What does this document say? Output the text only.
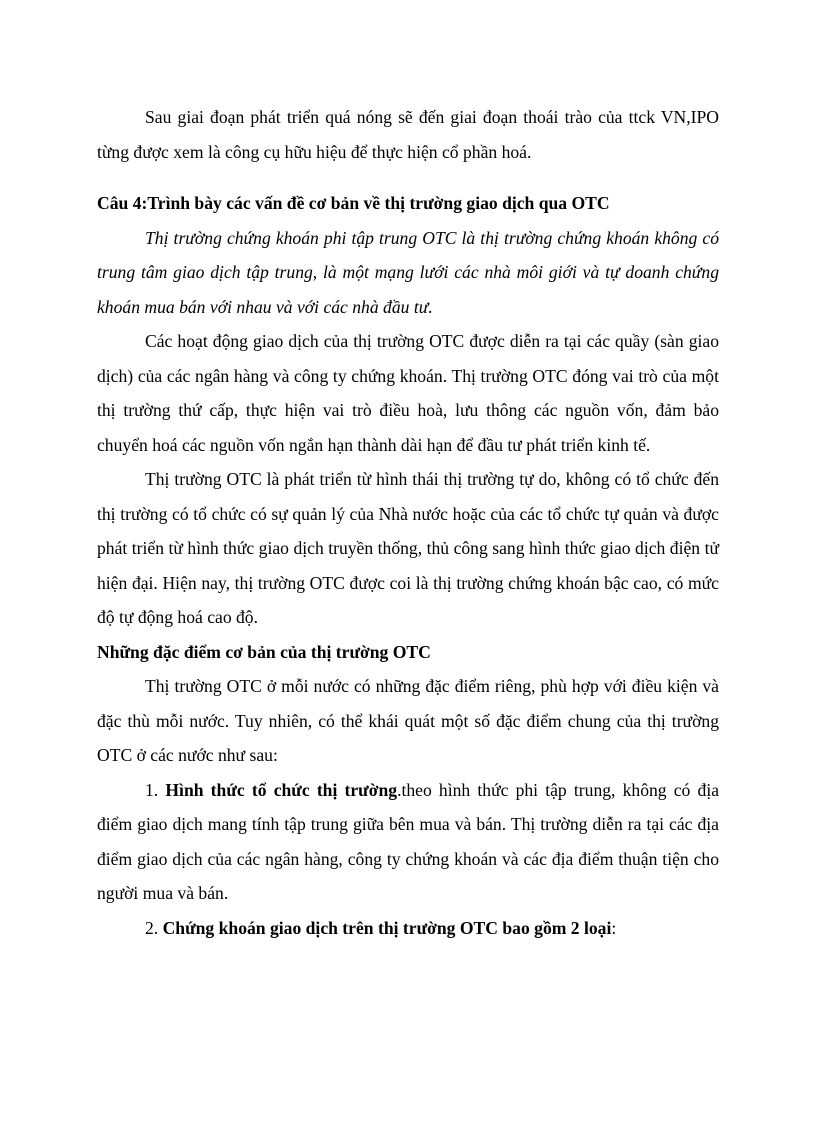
Sau giai đoạn phát triển quá nóng sẽ đến giai đoạn thoái trào của ttck VN,IPO từng được xem là công cụ hữu hiệu để thực hiện cổ phần hoá.

Câu 4:Trình bày các vấn đề cơ bản về thị trường giao dịch qua OTC

Thị trường chứng khoán phi tập trung OTC là thị trường chứng khoán không có trung tâm giao dịch tập trung, là một mạng lưới các nhà môi giới và tự doanh chứng khoán mua bán với nhau và với các nhà đầu tư.

Các hoạt động giao dịch của thị trường OTC được diễn ra tại các quầy (sàn giao dịch) của các ngân hàng và công ty chứng khoán. Thị trường OTC đóng vai trò của một thị trường thứ cấp, thực hiện vai trò điều hoà, lưu thông các nguồn vốn, đảm bảo chuyển hoá các nguồn vốn ngắn hạn thành dài hạn để đầu tư phát triển kinh tế.

Thị trường OTC là phát triển từ hình thái thị trường tự do, không có tổ chức đến thị trường có tổ chức có sự quản lý của Nhà nước hoặc của các tổ chức tự quản và được phát triển từ hình thức giao dịch truyền thống, thủ công sang hình thức giao dịch điện tử hiện đại. Hiện nay, thị trường OTC được coi là thị trường chứng khoán bậc cao, có mức độ tự động hoá cao độ.

Những đặc điểm cơ bản của thị trường OTC

Thị trường OTC ở mỗi nước có những đặc điểm riêng, phù hợp với điều kiện và đặc thù mỗi nước. Tuy nhiên, có thể khái quát một số đặc điểm chung của thị trường OTC ở các nước như sau:

1. Hình thức tổ chức thị trường.theo hình thức phi tập trung, không có địa điểm giao dịch mang tính tập trung giữa bên mua và bán. Thị trường diễn ra tại các địa điểm giao dịch của các ngân hàng, công ty chứng khoán và các địa điểm thuận tiện cho người mua và bán.

2. Chứng khoán giao dịch trên thị trường OTC bao gồm 2 loại:
